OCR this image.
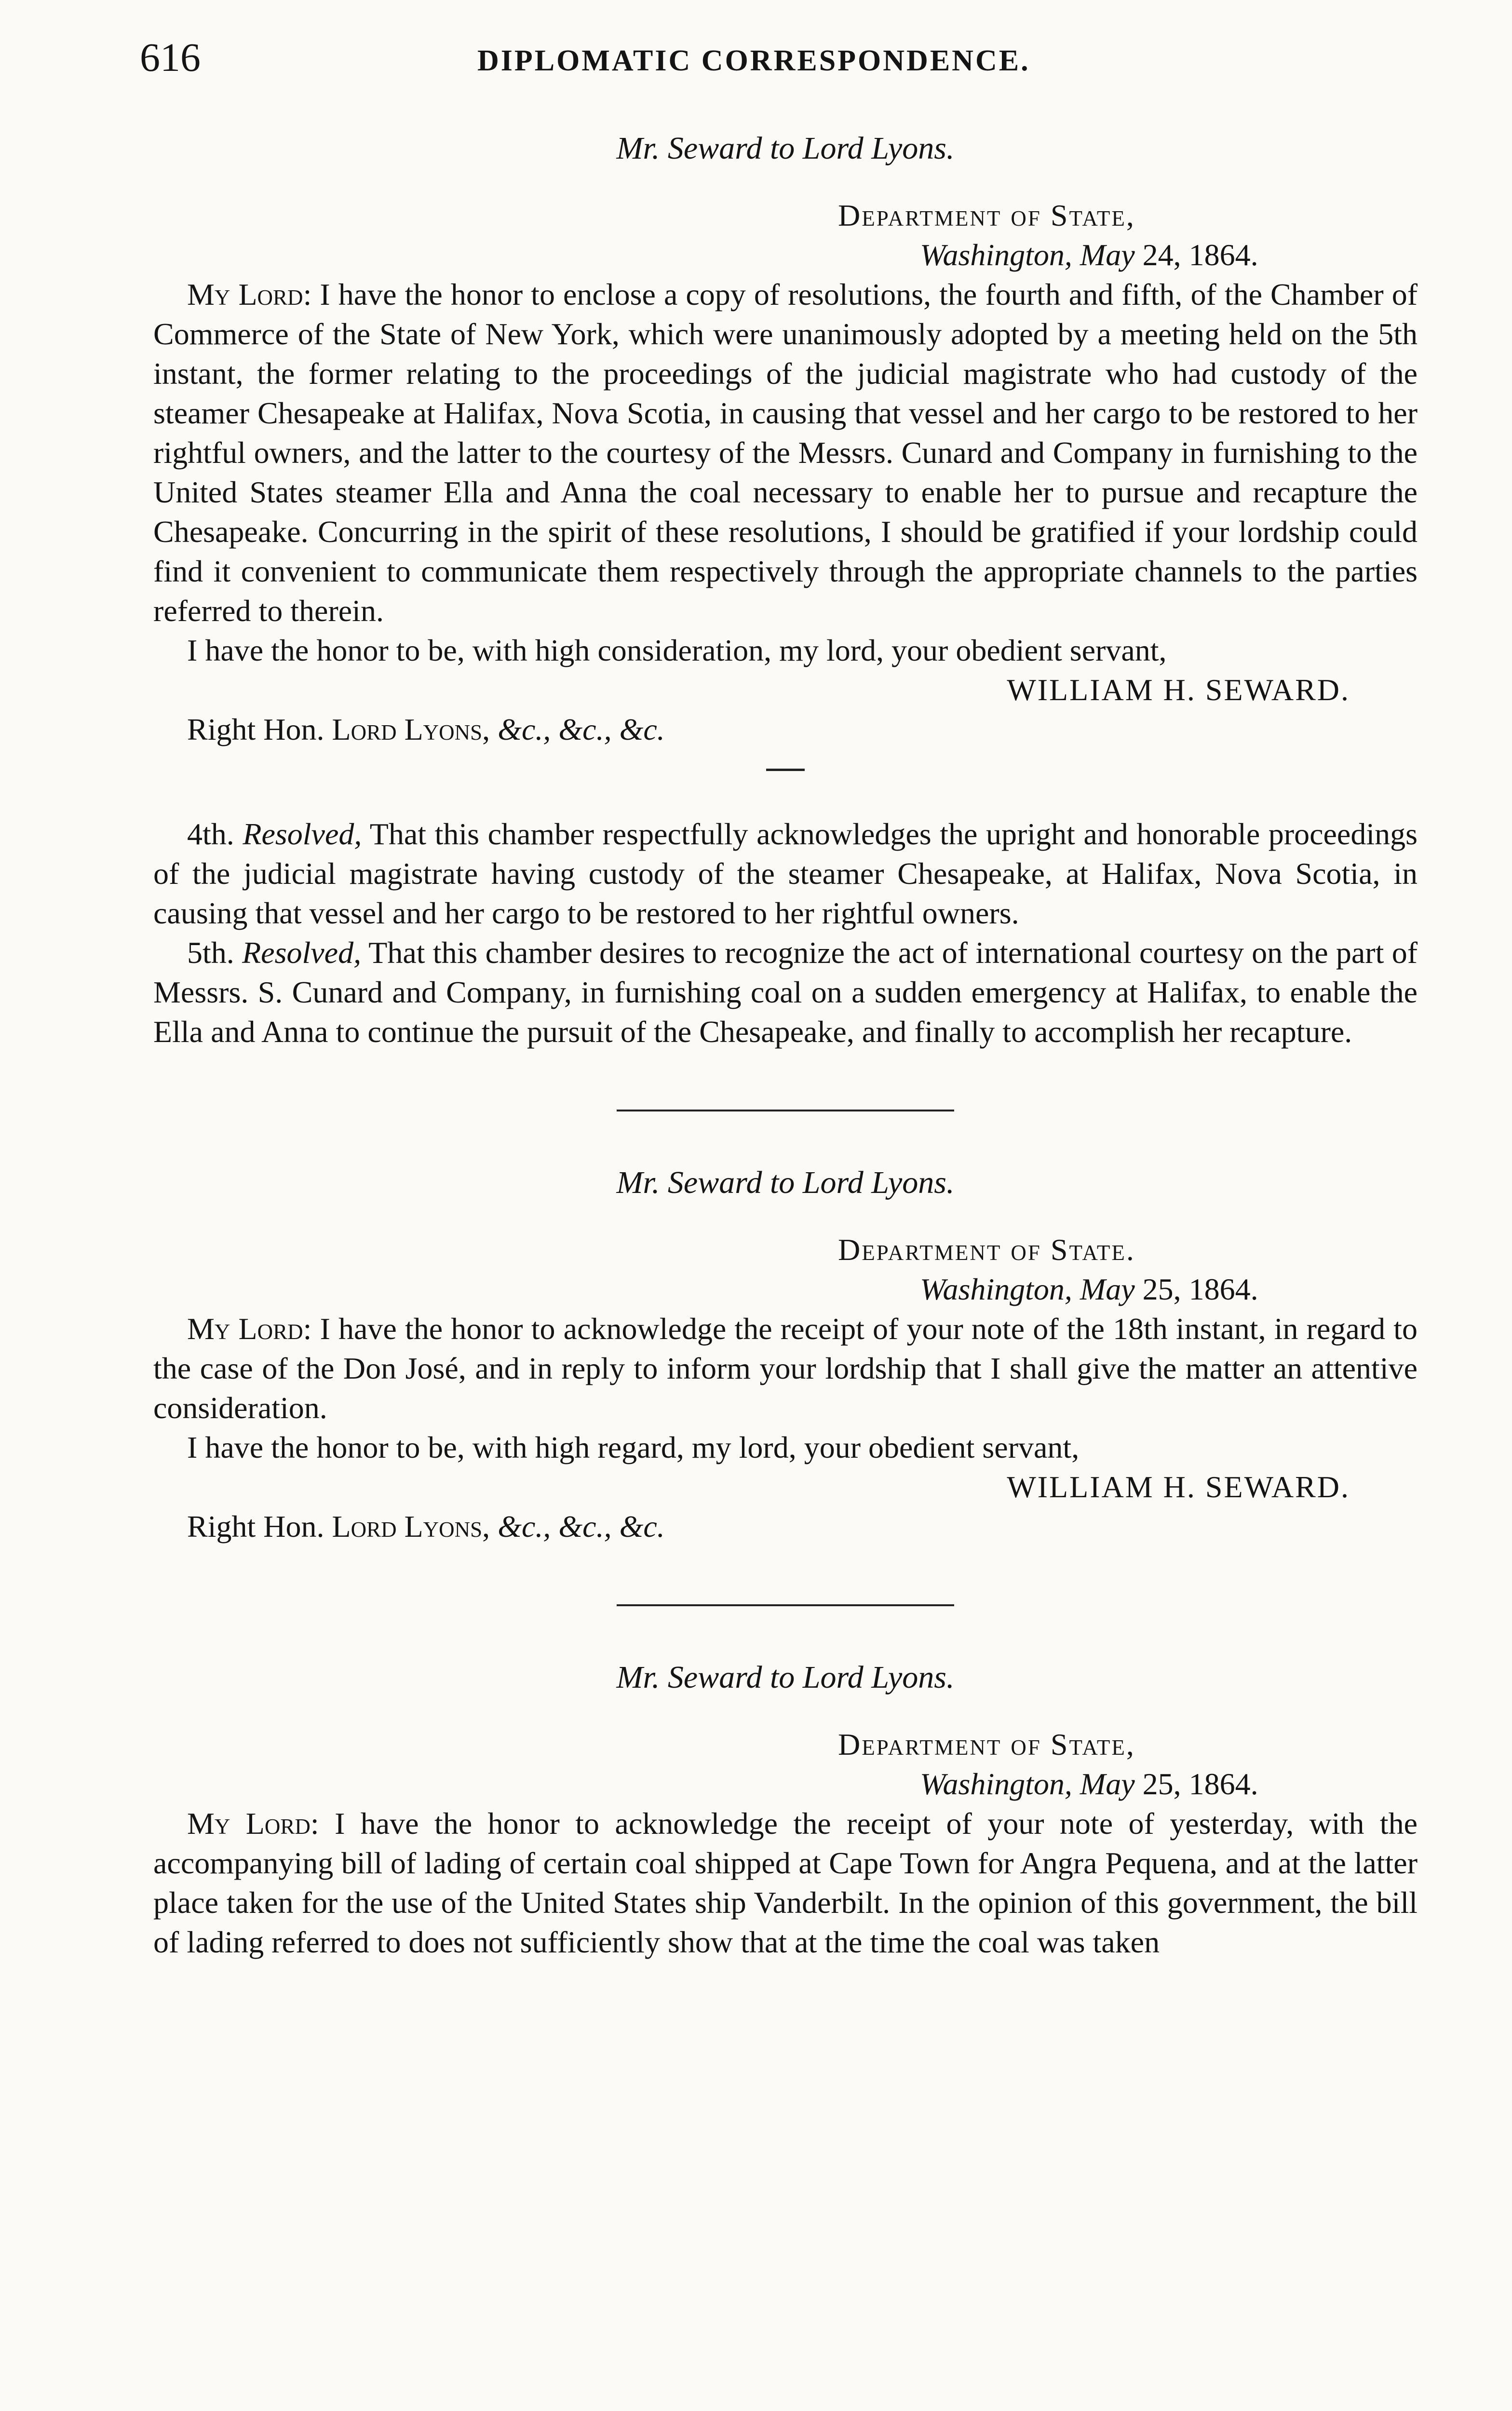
616	DIPLOMATIC CORRESPONDENCE.

Mr. Seward to Lord Lyons.

Department of State,
Washington, May 24, 1864.

My Lord: I have the honor to enclose a copy of resolutions, the fourth and fifth, of the Chamber of Commerce of the State of New York, which were unanimously adopted by a meeting held on the 5th instant, the former relating to the proceedings of the judicial magistrate who had custody of the steamer Chesapeake at Halifax, Nova Scotia, in causing that vessel and her cargo to be restored to her rightful owners, and the latter to the courtesy of the Messrs. Cunard and Company in furnishing to the United States steamer Ella and Anna the coal necessary to enable her to pursue and recapture the Chesapeake. Concurring in the spirit of these resolutions, I should be gratified if your lordship could find it convenient to communicate them respectively through the appropriate channels to the parties referred to therein.

I have the honor to be, with high consideration, my lord, your obedient servant,

WILLIAM H. SEWARD.
Right Hon. Lord Lyons, &c., &c., &c.

4th. Resolved, That this chamber respectfully acknowledges the upright and honorable proceedings of the judicial magistrate having custody of the steamer Chesapeake, at Halifax, Nova Scotia, in causing that vessel and her cargo to be restored to her rightful owners.

5th. Resolved, That this chamber desires to recognize the act of international courtesy on the part of Messrs. S. Cunard and Company, in furnishing coal on a sudden emergency at Halifax, to enable the Ella and Anna to continue the pursuit of the Chesapeake, and finally to accomplish her recapture.

Mr. Seward to Lord Lyons.

Department of State.
Washington, May 25, 1864.

My Lord: I have the honor to acknowledge the receipt of your note of the 18th instant, in regard to the case of the Don José, and in reply to inform your lordship that I shall give the matter an attentive consideration.

I have the honor to be, with high regard, my lord, your obedient servant,

WILLIAM H. SEWARD.
Right Hon. Lord Lyons, &c., &c., &c.

Mr. Seward to Lord Lyons.

Department of State,
Washington, May 25, 1864.

My Lord: I have the honor to acknowledge the receipt of your note of yesterday, with the accompanying bill of lading of certain coal shipped at Cape Town for Angra Pequena, and at the latter place taken for the use of the United States ship Vanderbilt. In the opinion of this government, the bill of lading referred to does not sufficiently show that at the time the coal was taken
